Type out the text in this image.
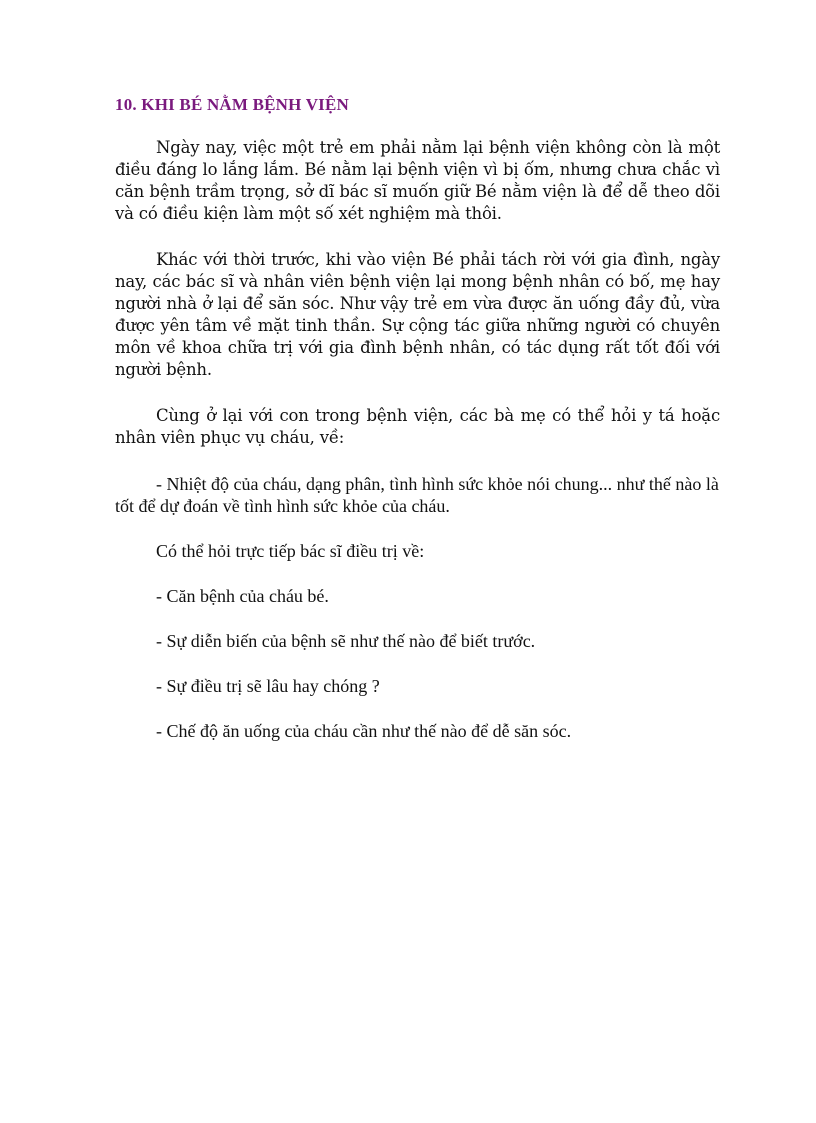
10. KHI BÉ NẰM BỆNH VIỆN

Ngày nay, việc một trẻ em phải nằm lại bệnh viện không còn là một điều đáng lo lắng lắm. Bé nằm lại bệnh viện vì bị ốm, nhưng chưa chắc vì căn bệnh trầm trọng, sở dĩ bác sĩ muốn giữ Bé nằm viện là để dễ theo dõi và có điều kiện làm một số xét nghiệm mà thôi.

Khác với thời trước, khi vào viện Bé phải tách rời với gia đình, ngày nay, các bác sĩ và nhân viên bệnh viện lại mong bệnh nhân có bố, mẹ hay người nhà ở lại để săn sóc. Như vậy trẻ em vừa được ăn uống đầy đủ, vừa được yên tâm về mặt tinh thần. Sự cộng tác giữa những người có chuyên môn về khoa chữa trị với gia đình bệnh nhân, có tác dụng rất tốt đối với người bệnh.

Cùng ở lại với con trong bệnh viện, các bà mẹ có thể hỏi y tá hoặc nhân viên phục vụ cháu, về:

- Nhiệt độ của cháu, dạng phân, tình hình sức khỏe nói chung... như thế nào là tốt để dự đoán về tình hình sức khỏe của cháu.

Có thể hỏi trực tiếp bác sĩ điều trị về:

- Căn bệnh của cháu bé.

- Sự diễn biến của bệnh sẽ như thế nào để biết trước.

- Sự điều trị sẽ lâu hay chóng ?

- Chế độ ăn uống của cháu cần như thế nào để dễ săn sóc.
